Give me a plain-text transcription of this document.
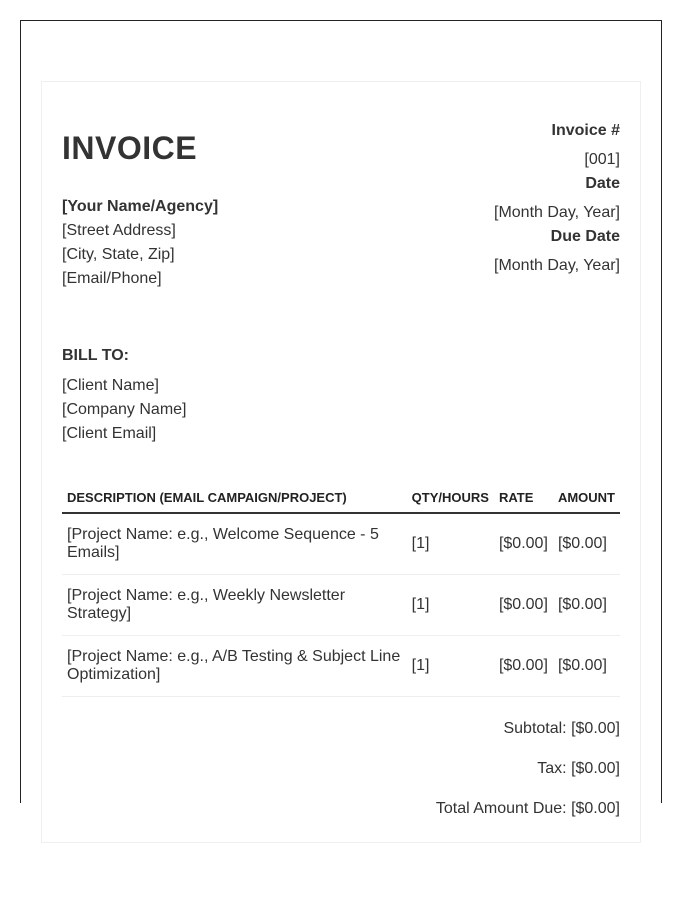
INVOICE
[Your Name/Agency]
[Street Address]
[City, State, Zip]
[Email/Phone]
Invoice #
[001]
Date
[Month Day, Year]
Due Date
[Month Day, Year]
BILL TO:
[Client Name]
[Company Name]
[Client Email]
DESCRIPTION (EMAIL CAMPAIGN/PROJECT)	QTY/HOURS	RATE	AMOUNT
[Project Name: e.g., Welcome Sequence - 5 Emails]	[1]	[$0.00]	[$0.00]
[Project Name: e.g., Weekly Newsletter Strategy]	[1]	[$0.00]	[$0.00]
[Project Name: e.g., A/B Testing & Subject Line Optimization]	[1]	[$0.00]	[$0.00]
Subtotal: [$0.00]
Tax: [$0.00]
Total Amount Due: [$0.00]
